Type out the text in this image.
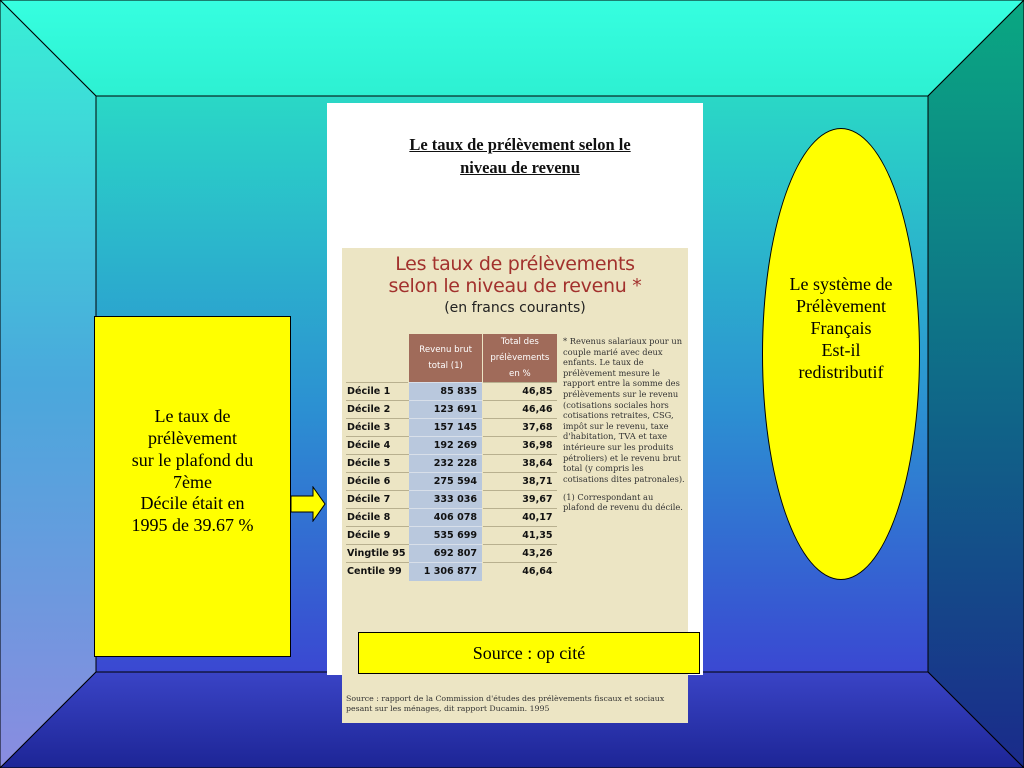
Le taux de
prélèvement
sur le plafond du
7ème
Décile était en
1995 de 39.67 %
Le taux de prélèvement selon le
niveau de revenu
Les taux de prélèvements
selon le niveau de revenu *
(en francs courants)
	Revenu brut total (1)	Total des prélèvements en %
Décile 1	85 835	46,85
Décile 2	123 691	46,46
Décile 3	157 145	37,68
Décile 4	192 269	36,98
Décile 5	232 228	38,64
Décile 6	275 594	38,71
Décile 7	333 036	39,67
Décile 8	406 078	40,17
Décile 9	535 699	41,35
Vingtile 95	692 807	43,26
Centile 99	1 306 877	46,64
* Revenus salariaux pour un couple marié avec deux enfants. Le taux de prélèvement mesure le rapport entre la somme des prélèvements sur le revenu (cotisations sociales hors cotisations retraites, CSG, impôt sur le revenu, taxe d'habitation, TVA et taxe intérieure sur les produits pétroliers) et le revenu brut total (y compris les cotisations dites patronales).
(1) Correspondant au plafond de revenu du décile.
Source : rapport de la Commission d'études des prélèvements fiscaux et sociaux pesant sur les ménages, dit rapport Ducamin. 1995
Source : op cité
Le système de
Prélèvement
Français
Est-il
redistributif
